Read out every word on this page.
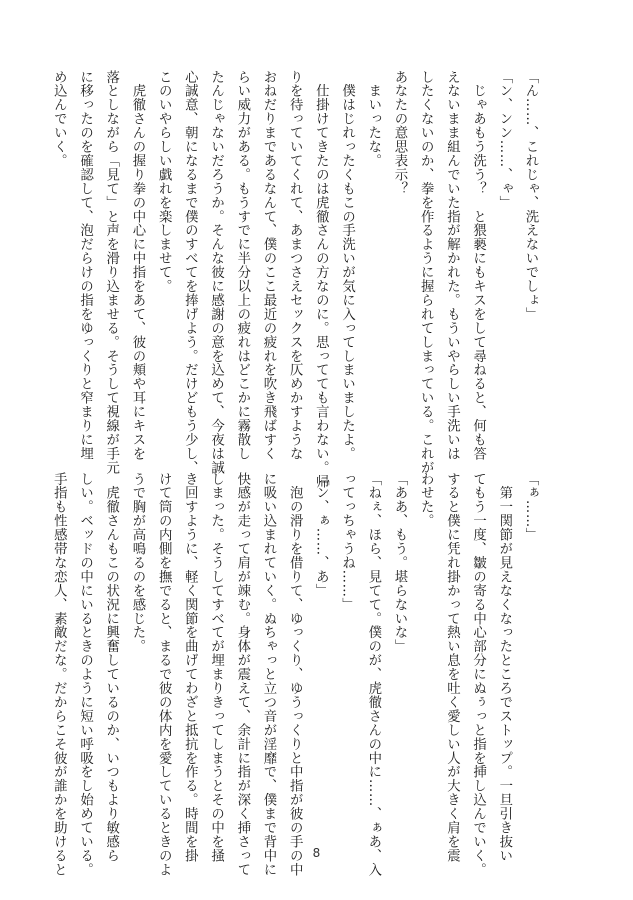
「ん……、これじゃ、洗えないでしょ」

「ン、ンン……、ゃ」

　じゃあもう洗う？　と猥褻にもキスをして尋ねると、何も答

えないまま組んでいた指が解かれた。もういやらしい手洗いは

したくないのか、拳を作るように握られてしまっている。これが

あなたの意思表示？

　まいったな。

　僕はじれったくもこの手洗いが気に入ってしまいましたよ。

　仕掛けてきたのは虎徹さんの方なのに。思ってても言わない。帰

りを待っていてくれて、あまつさえセックスを仄めかすような

おねだりまであるなんて、僕のここ最近の疲れを吹き飛ばすく

らい威力がある。もうすでに半分以上の疲れはどこかに霧散し

たんじゃないだろうか。そんな彼に感謝の意を込めて、今夜は誠

心誠意、朝になるまで僕のすべてを捧げよう。だけどもう少し、

このいやらしい戯れを楽しませて。

　虎徹さんの握り拳の中心に中指をあて、彼の頬や耳にキスを

落としながら「見て」と声を滑り込ませる。そうして視線が手元

に移ったのを確認して、泡だらけの指をゆっくりと窄まりに埋

め込んでいく。

「ぁ……」

　第一関節が見えなくなったところでストップ。一旦引き抜い

てもう一度、皺の寄る中心部分にぬぅっと指を挿し込んでいく。

すると僕に凭れ掛かって熱い息を吐く愛しい人が大きく肩を震

わせた。

「ああ、もう。堪らないな」

「ねぇ、ほら、見てて。僕のが、虎徹さんの中に……、ぁあ、入

ってっちゃうね……」

「ン、ぁ……、あ」

　泡の滑りを借りて、ゆっくり、ゆうっくりと中指が彼の手の中

に吸い込まれていく。ぬちゃっと立つ音が淫靡で、僕まで背中に

快感が走って肩が竦む。身体が震えて、余計に指が深く挿さって

しまった。そうしてすべてが埋まりきってしまうとその中を掻

き回すように、軽く関節を曲げてわざと抵抗を作る。時間を掛

けて筒の内側を撫でると、まるで彼の体内を愛しているときのよ

うで胸が高鳴るのを感じた。

　虎徹さんもこの状況に興奮しているのか、いつもより敏感ら

しい。ベッドの中にいるときのように短い呼吸をし始めている。

手指も性感帯な恋人、素敵だな。だからこそ彼が誰かを助けると	8
